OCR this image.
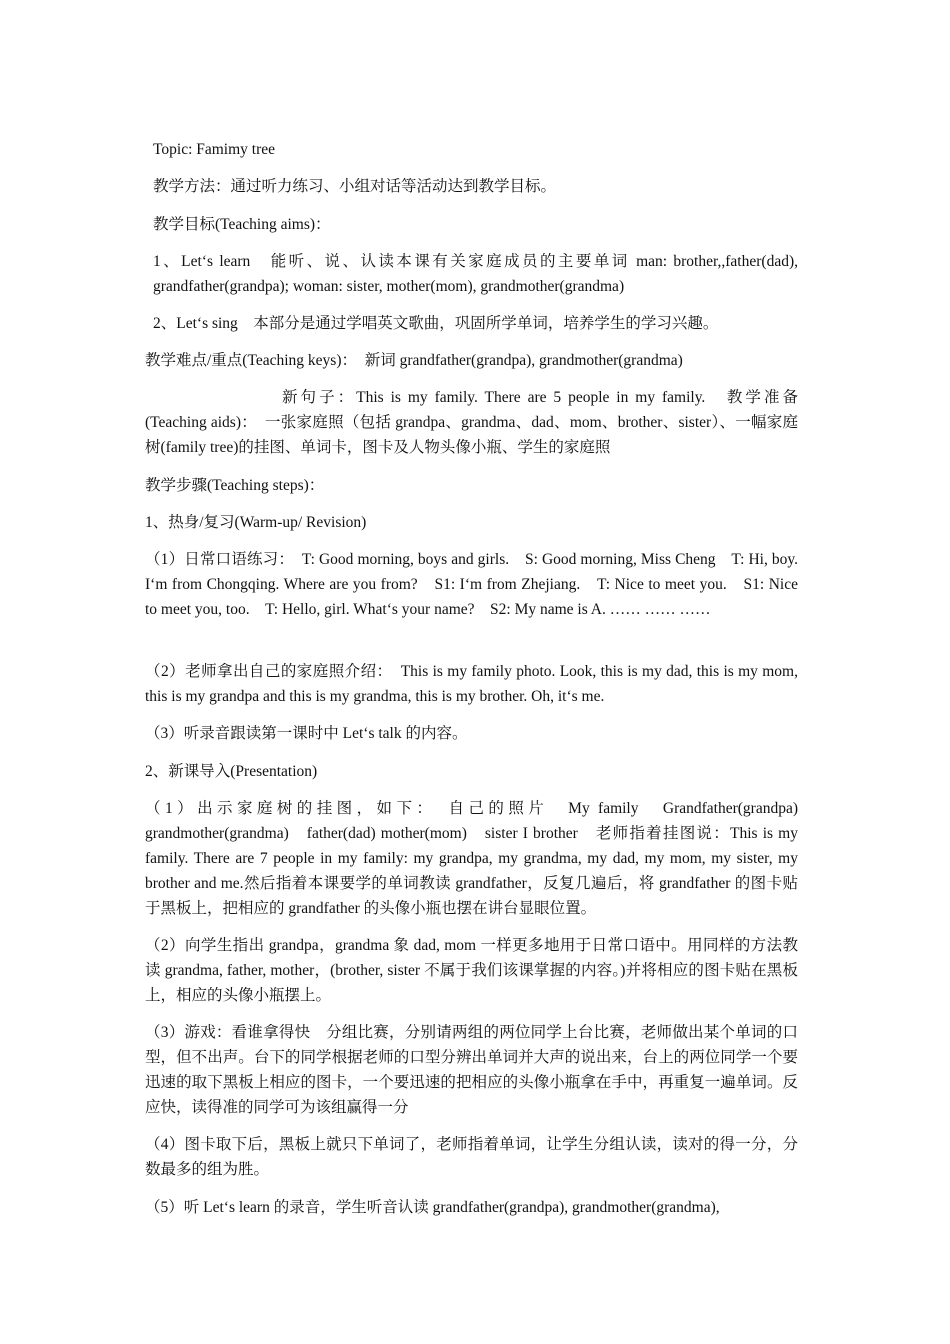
Topic: Famimy tree

教学方法：通过听力练习、小组对话等活动达到教学目标。

教学目标(Teaching aims)：

1、Let‘s learn　能听、说、认读本课有关家庭成员的主要单词 man: brother,,father(dad), grandfather(grandpa); woman: sister, mother(mom), grandmother(grandma)

2、Let‘s sing　本部分是通过学唱英文歌曲，巩固所学单词，培养学生的学习兴趣。

教学难点/重点(Teaching keys)：　新词 grandfather(grandpa), grandmother(grandma)

新句子：This is my family. There are 5 people in my family.　教学准备(Teaching aids)：　一张家庭照（包括 grandpa、grandma、dad、mom、brother、sister）、一幅家庭树(family tree)的挂图、单词卡，图卡及人物头像小瓶、学生的家庭照

教学步骤(Teaching steps)：

1、热身/复习(Warm-up/ Revision)

（1）日常口语练习：　T: Good morning, boys and girls.　S: Good morning, Miss Cheng　T: Hi, boy. I‘m from Chongqing. Where are you from?　S1: I‘m from Zhejiang.　T: Nice to meet you.　S1: Nice to meet you, too.　T: Hello, girl. What‘s your name?　S2: My name is A. …… …… ……

（2）老师拿出自己的家庭照介绍：　This is my family photo. Look, this is my dad, this is my mom, this is my grandpa and this is my grandma, this is my brother. Oh, it‘s me.

（3）听录音跟读第一课时中 Let‘s talk 的内容。

2、新课导入(Presentation)

（1）出示家庭树的挂图，如下：　自己的照片　My family　Grandfather(grandpa) grandmother(grandma)　father(dad) mother(mom)　sister I brother　老师指着挂图说：This is my family. There are 7 people in my family: my grandpa, my grandma, my dad, my mom, my sister, my brother and me.然后指着本课要学的单词教读 grandfather，反复几遍后，将 grandfather 的图卡贴于黑板上，把相应的 grandfather 的头像小瓶也摆在讲台显眼位置。

（2）向学生指出 grandpa，grandma 象 dad, mom 一样更多地用于日常口语中。用同样的方法教读 grandma, father, mother，(brother, sister 不属于我们该课掌握的内容。)并将相应的图卡贴在黑板上，相应的头像小瓶摆上。

（3）游戏：看谁拿得快　分组比赛，分别请两组的两位同学上台比赛，老师做出某个单词的口型，但不出声。台下的同学根据老师的口型分辨出单词并大声的说出来，台上的两位同学一个要迅速的取下黑板上相应的图卡，一个要迅速的把相应的头像小瓶拿在手中，再重复一遍单词。反应快，读得准的同学可为该组赢得一分

（4）图卡取下后，黑板上就只下单词了，老师指着单词，让学生分组认读，读对的得一分，分数最多的组为胜。

（5）听 Let‘s learn 的录音，学生听音认读 grandfather(grandpa), grandmother(grandma),
